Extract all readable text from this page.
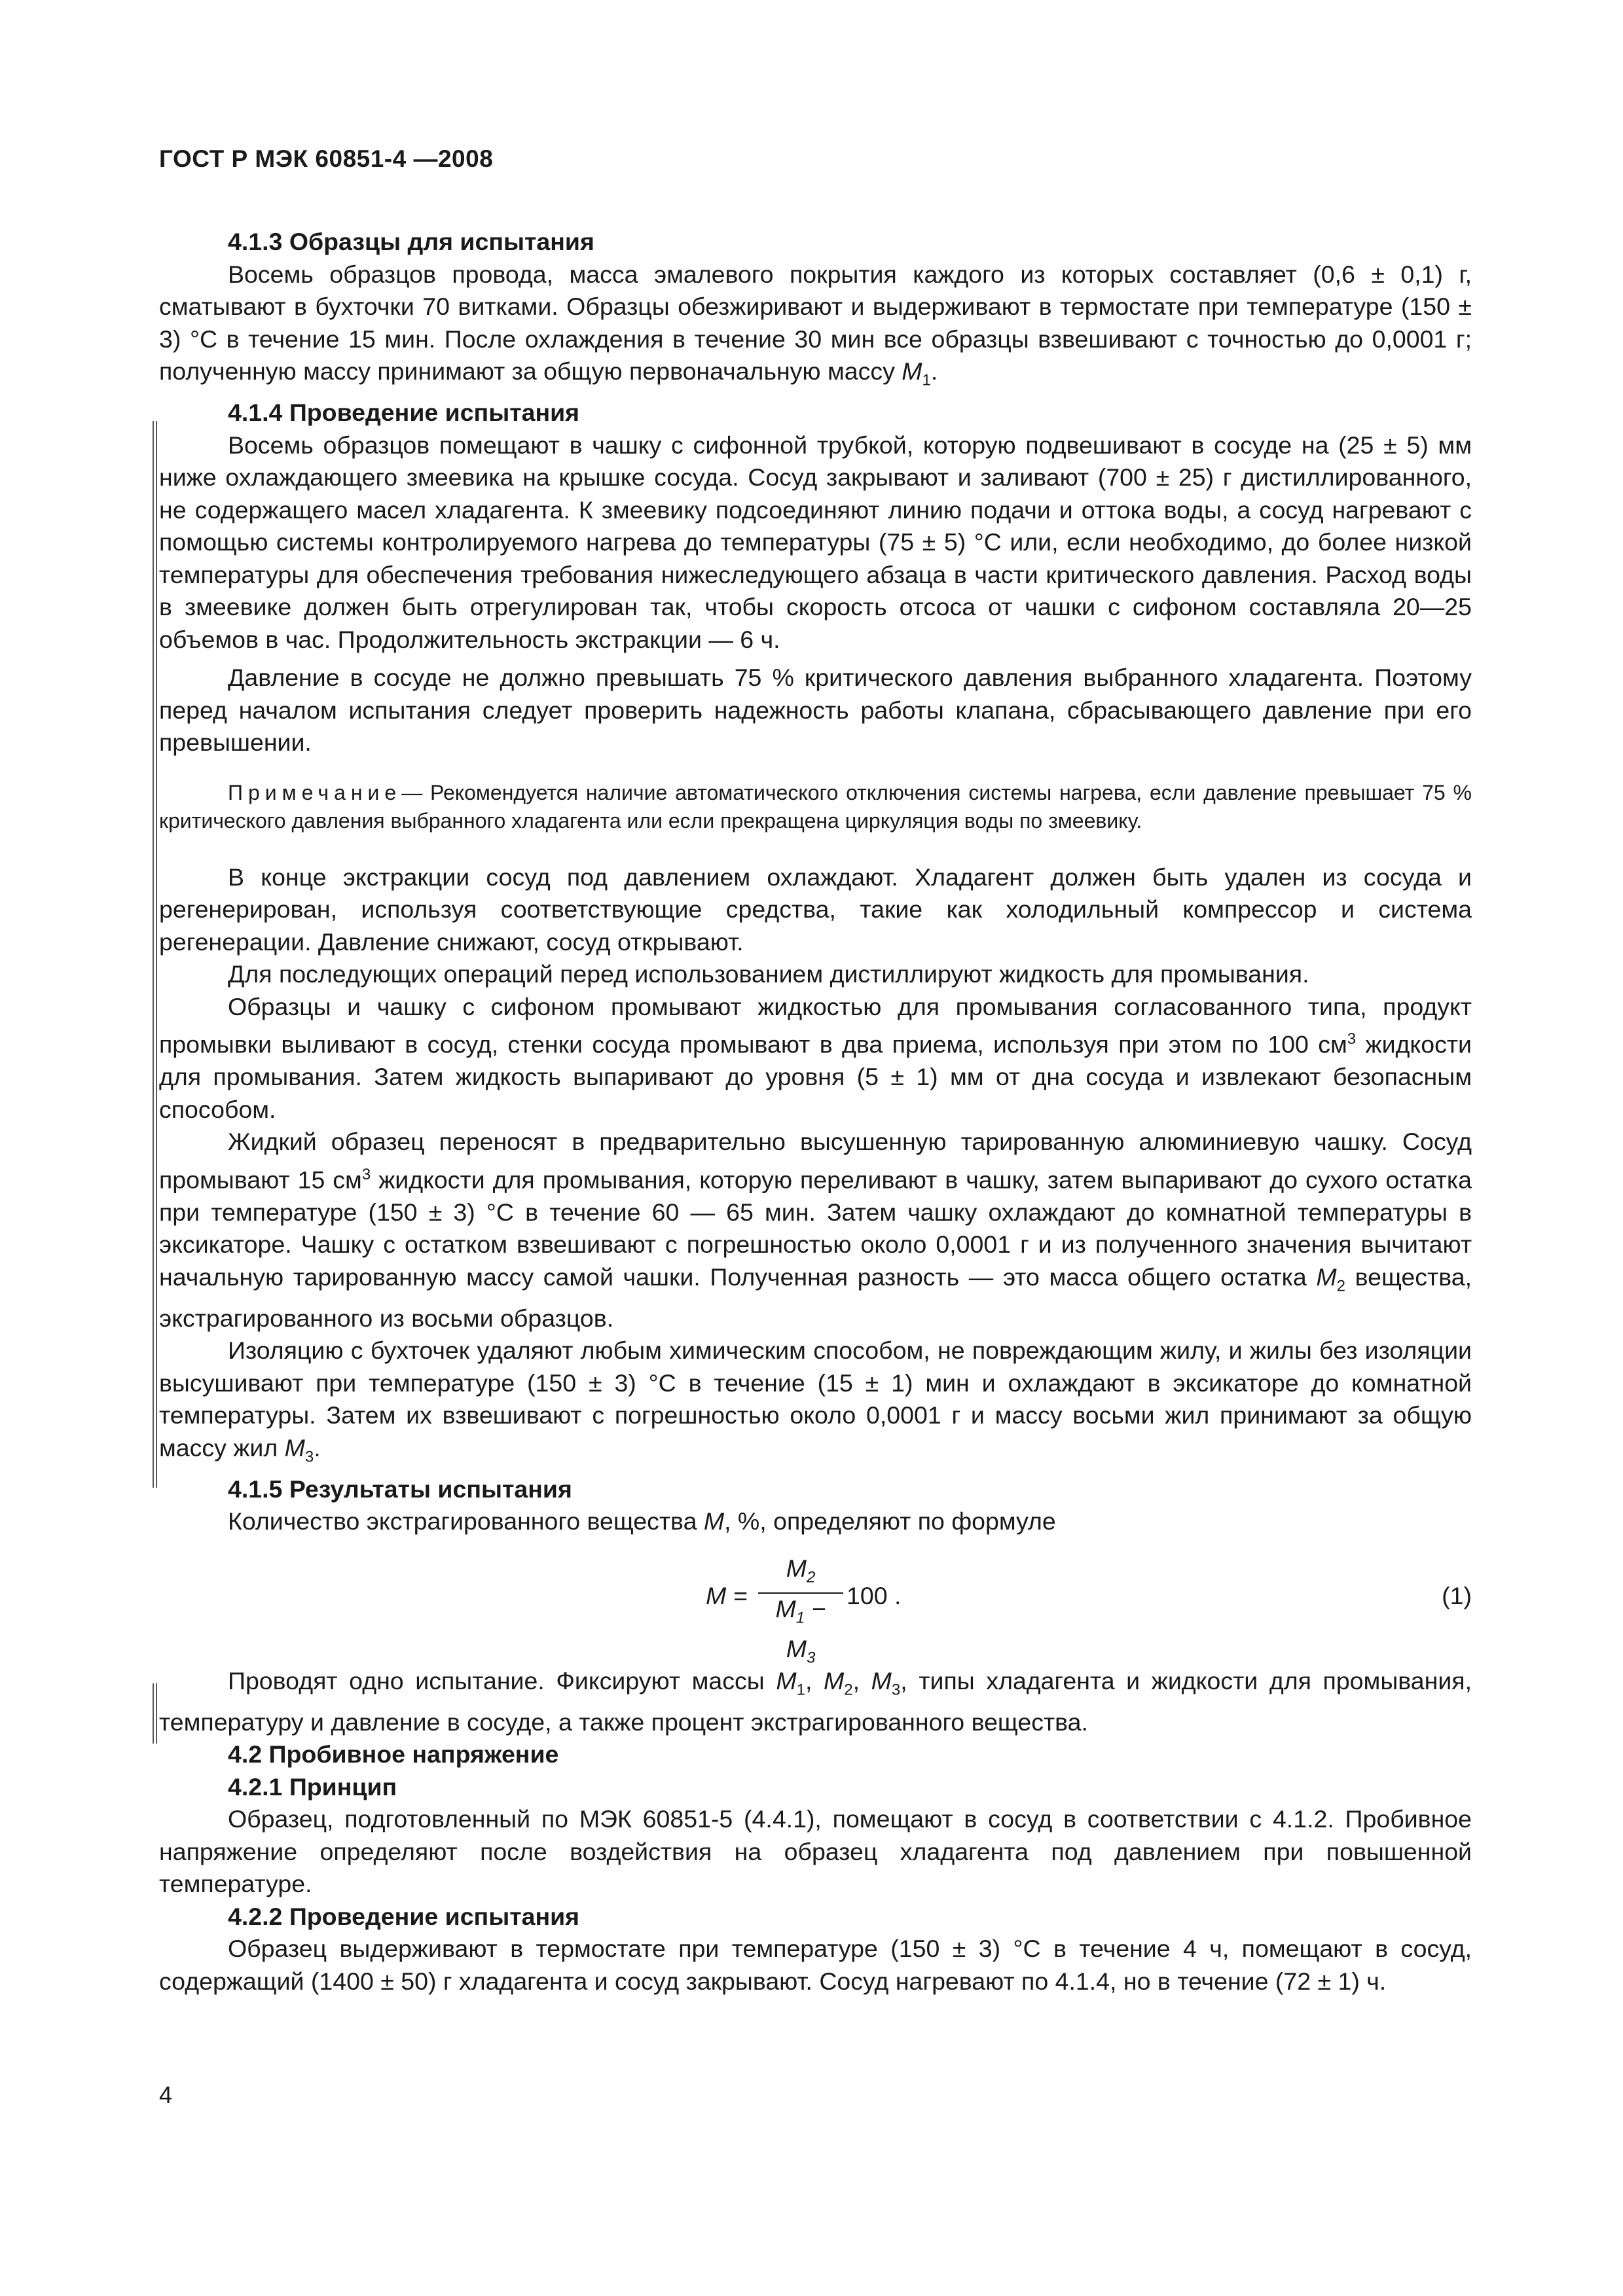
ГОСТ Р МЭК 60851-4 —2008
4.1.3 Образцы для испытания

Восемь образцов провода, масса эмалевого покрытия каждого из которых составляет (0,6 ± 0,1) г, сматывают в бухточки 70 витками. Образцы обезжиривают и выдерживают в термостате при температуре (150 ± 3) °С в течение 15 мин. После охлаждения в течение 30 мин все образцы взвешивают с точностью до 0,0001 г; полученную массу принимают за общую первоначальную массу $M_1$.

4.1.4 Проведение испытания

Восемь образцов помещают в чашку с сифонной трубкой, которую подвешивают в сосуде на (25 ± 5) мм ниже охлаждающего змеевика на крышке сосуда. Сосуд закрывают и заливают (700 ± 25) г дистиллированного, не содержащего масел хладагента. К змеевику подсоединяют линию подачи и оттока воды, а сосуд нагревают с помощью системы контролируемого нагрева до температуры (75 ± 5) °С или, если необходимо, до более низкой температуры для обеспечения требования нижеследующего абзаца в части критического давления. Расход воды в змеевике должен быть отрегулирован так, чтобы скорость отсоса от чашки с сифоном составляла 20—25 объемов в час. Продолжительность экстракции — 6 ч.

Давление в сосуде не должно превышать 75 % критического давления выбранного хладагента. Поэтому перед началом испытания следует проверить надежность работы клапана, сбрасывающего давление при его превышении.

Примечание— Рекомендуется наличие автоматического отключения системы нагрева, если давление превышает 75 % критического давления выбранного хладагента или если прекращена циркуляция воды по змеевику.

В конце экстракции сосуд под давлением охлаждают. Хладагент должен быть удален из сосуда и регенерирован, используя соответствующие средства, такие как холодильный компрессор и система регенерации. Давление снижают, сосуд открывают.

Для последующих операций перед использованием дистиллируют жидкость для промывания.

Образцы и чашку с сифоном промывают жидкостью для промывания согласованного типа, продукт промывки выливают в сосуд, стенки сосуда промывают в два приема, используя при этом по 100 $см^3$ жидкости для промывания. Затем жидкость выпаривают до уровня (5 ± 1) мм от дна сосуда и извлекают безопасным способом.

Жидкий образец переносят в предварительно высушенную тарированную алюминиевую чашку. Сосуд промывают 15 $см^3$ жидкости для промывания, которую переливают в чашку, затем выпаривают до сухого остатка при температуре (150 ± 3) °С в течение 60 — 65 мин. Затем чашку охлаждают до комнатной температуры в эксикаторе. Чашку с остатком взвешивают с погрешностью около 0,0001 г и из полученного значения вычитают начальную тарированную массу самой чашки. Полученная разность — это масса общего остатка $M_2$ вещества, экстрагированного из восьми образцов.

Изоляцию с бухточек удаляют любым химическим способом, не повреждающим жилу, и жилы без изоляции высушивают при температуре (150 ± 3) °С в течение (15 ± 1) мин и охлаждают в эксикаторе до комнатной температуры. Затем их взвешивают с погрешностью около 0,0001 г и массу восьми жил принимают за общую массу жил $M_3$.

4.1.5 Результаты испытания

Количество экстрагированного вещества M, %, определяют по формуле

M =
$M_2$
$M_1 - M_3$
100 .	(1)

Проводят одно испытание. Фиксируют массы $M_1$, $M_2$, $M_3$, типы хладагента и жидкости для промывания, температуру и давление в сосуде, а также процент экстрагированного вещества.

4.2 Пробивное напряжение
4.2.1 Принцип

Образец, подготовленный по МЭК 60851-5 (4.4.1), помещают в сосуд в соответствии с 4.1.2. Пробивное напряжение определяют после воздействия на образец хладагента под давлением при повышенной температуре.

4.2.2 Проведение испытания

Образец выдерживают в термостате при температуре (150 ± 3) °С в течение 4 ч, помещают в сосуд, содержащий (1400 ± 50) г хладагента и сосуд закрывают. Сосуд нагревают по 4.1.4, но в течение (72 ± 1) ч.

4
